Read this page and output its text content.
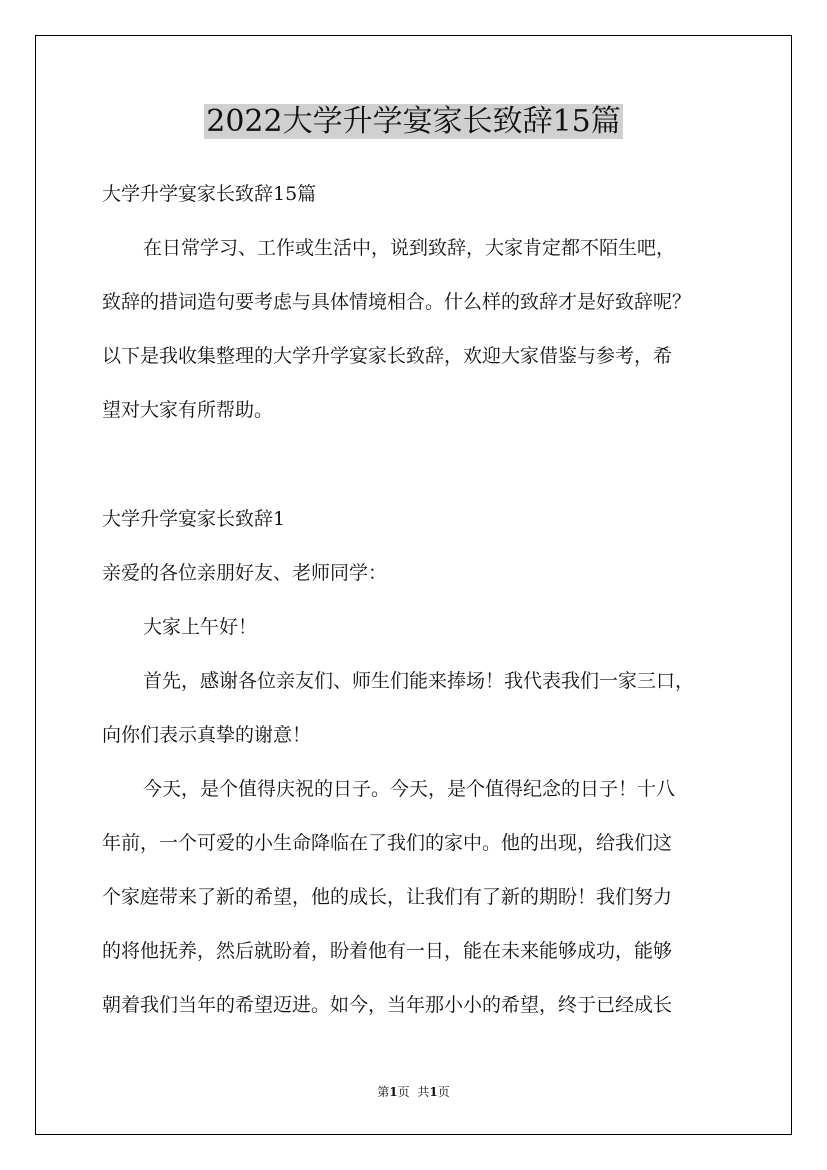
2022大学升学宴家长致辞15篇
大学升学宴家长致辞15篇
在日常学习、工作或生活中，说到致辞，大家肯定都不陌生吧，
致辞的措词造句要考虑与具体情境相合。什么样的致辞才是好致辞呢？
以下是我收集整理的大学升学宴家长致辞，欢迎大家借鉴与参考，希
望对大家有所帮助。
大学升学宴家长致辞1
亲爱的各位亲朋好友、老师同学：
大家上午好！
首先，感谢各位亲友们、师生们能来捧场！我代表我们一家三口，
向你们表示真挚的谢意！
今天，是个值得庆祝的日子。今天，是个值得纪念的日子！十八
年前，一个可爱的小生命降临在了我们的家中。他的出现，给我们这
个家庭带来了新的希望，他的成长，让我们有了新的期盼！我们努力
的将他抚养，然后就盼着，盼着他有一日，能在未来能够成功，能够
朝着我们当年的希望迈进。如今，当年那小小的希望，终于已经成长
第1页 共1页
